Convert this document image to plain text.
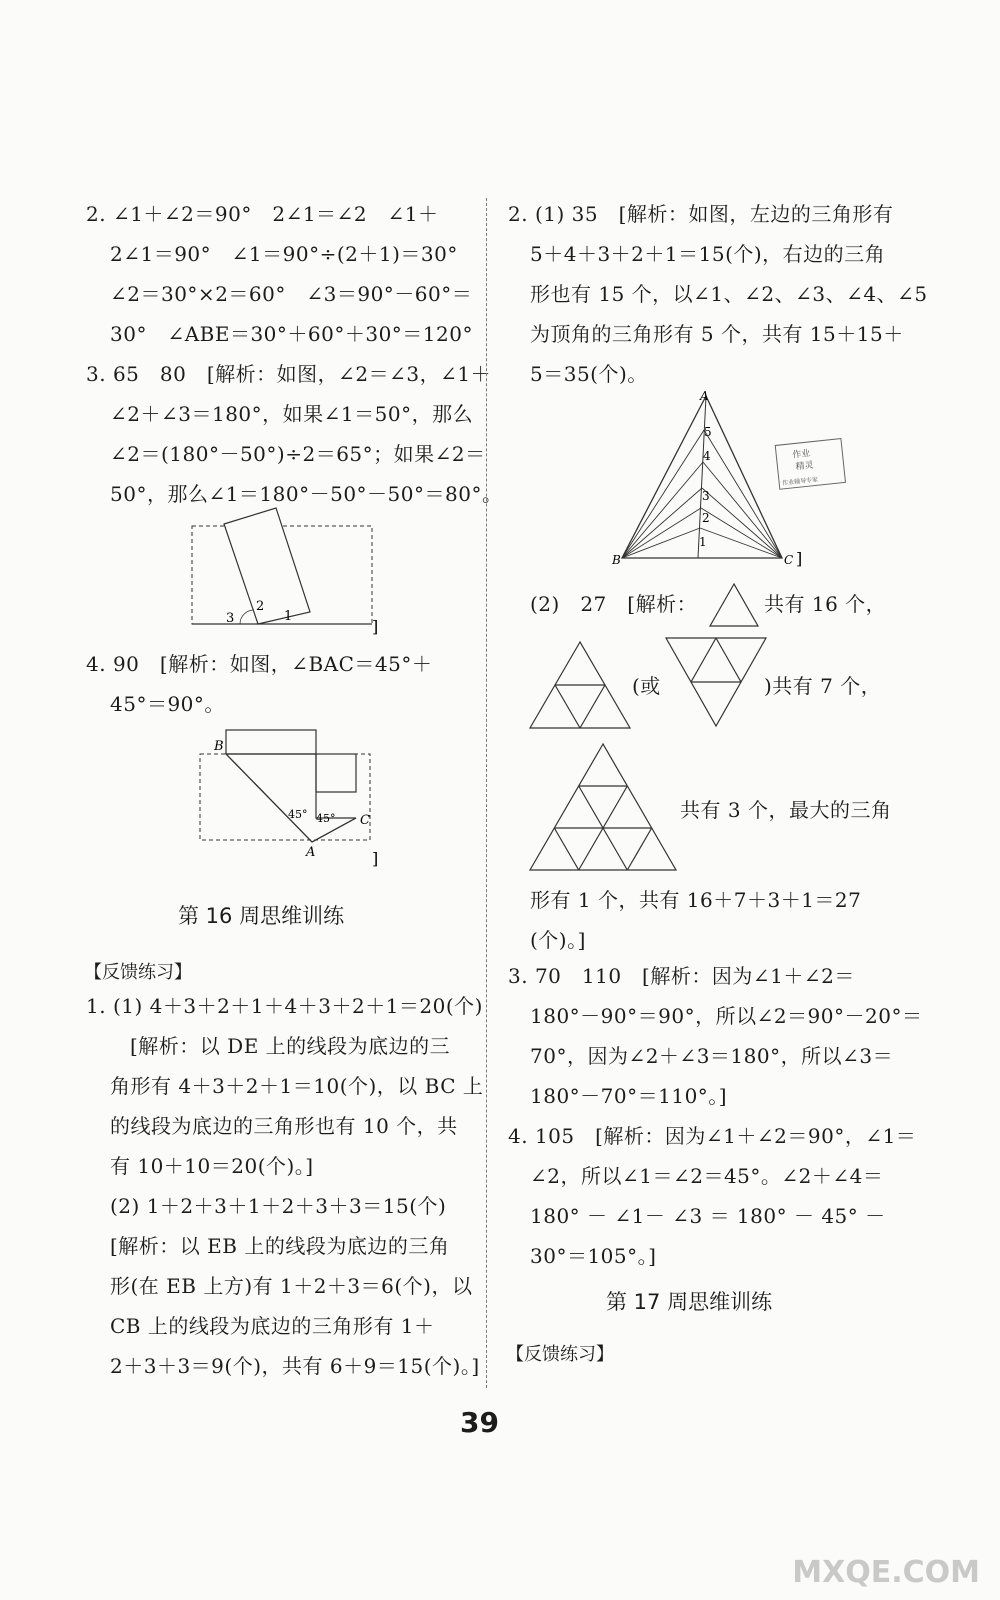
2. ∠1＋∠2＝90°　2∠1＝∠2　∠1＋
2∠1＝90°　∠1＝90°÷(2＋1)＝30°
∠2＝30°×2＝60°　∠3＝90°－60°＝
30°　∠ABE＝30°＋60°＋30°＝120°
3. 65　80　[解析：如图，∠2＝∠3，∠1＋
∠2＋∠3＝180°，如果∠1＝50°，那么
∠2＝(180°－50°)÷2＝65°；如果∠2＝
50°，那么∠1＝180°－50°－50°＝80°。
3
2
1
]
4. 90　[解析：如图，∠BAC＝45°＋
45°＝90°。
B
C
A
45° 45°
]
第 16 周思维训练
【反馈练习】
1. (1) 4＋3＋2＋1＋4＋3＋2＋1＝20(个)
[解析：以 DE 上的线段为底边的三
角形有 4＋3＋2＋1＝10(个)，以 BC 上
的线段为底边的三角形也有 10 个，共
有 10＋10＝20(个)。]
(2) 1＋2＋3＋1＋2＋3＋3＝15(个)
[解析：以 EB 上的线段为底边的三角
形(在 EB 上方)有 1＋2＋3＝6(个)，以
CB 上的线段为底边的三角形有 1＋
2＋3＋3＝9(个)，共有 6＋9＝15(个)。]
2. (1) 35　[解析：如图，左边的三角形有
5＋4＋3＋2＋1＝15(个)，右边的三角
形也有 15 个，以∠1、∠2、∠3、∠4、∠5
为顶角的三角形有 5 个，共有 15＋15＋
5＝35(个)。
A
B	C
5
4
3
2
1
]
作业
精灵
作业辅导专家
(2)　27　[解析：	共有 16 个，
(或	)共有 7 个，
共有 3 个，最大的三角
形有 1 个，共有 16＋7＋3＋1＝27
(个)。]
3. 70　110　[解析：因为∠1＋∠2＝
180°－90°＝90°，所以∠2＝90°－20°＝
70°，因为∠2＋∠3＝180°，所以∠3＝
180°－70°＝110°。]
4. 105　[解析：因为∠1＋∠2＝90°，∠1＝
∠2，所以∠1＝∠2＝45°。∠2＋∠4＝
180° － ∠1－ ∠3 ＝ 180° － 45° －
30°＝105°。]
第 17 周思维训练
【反馈练习】
39
MXQE.COM
